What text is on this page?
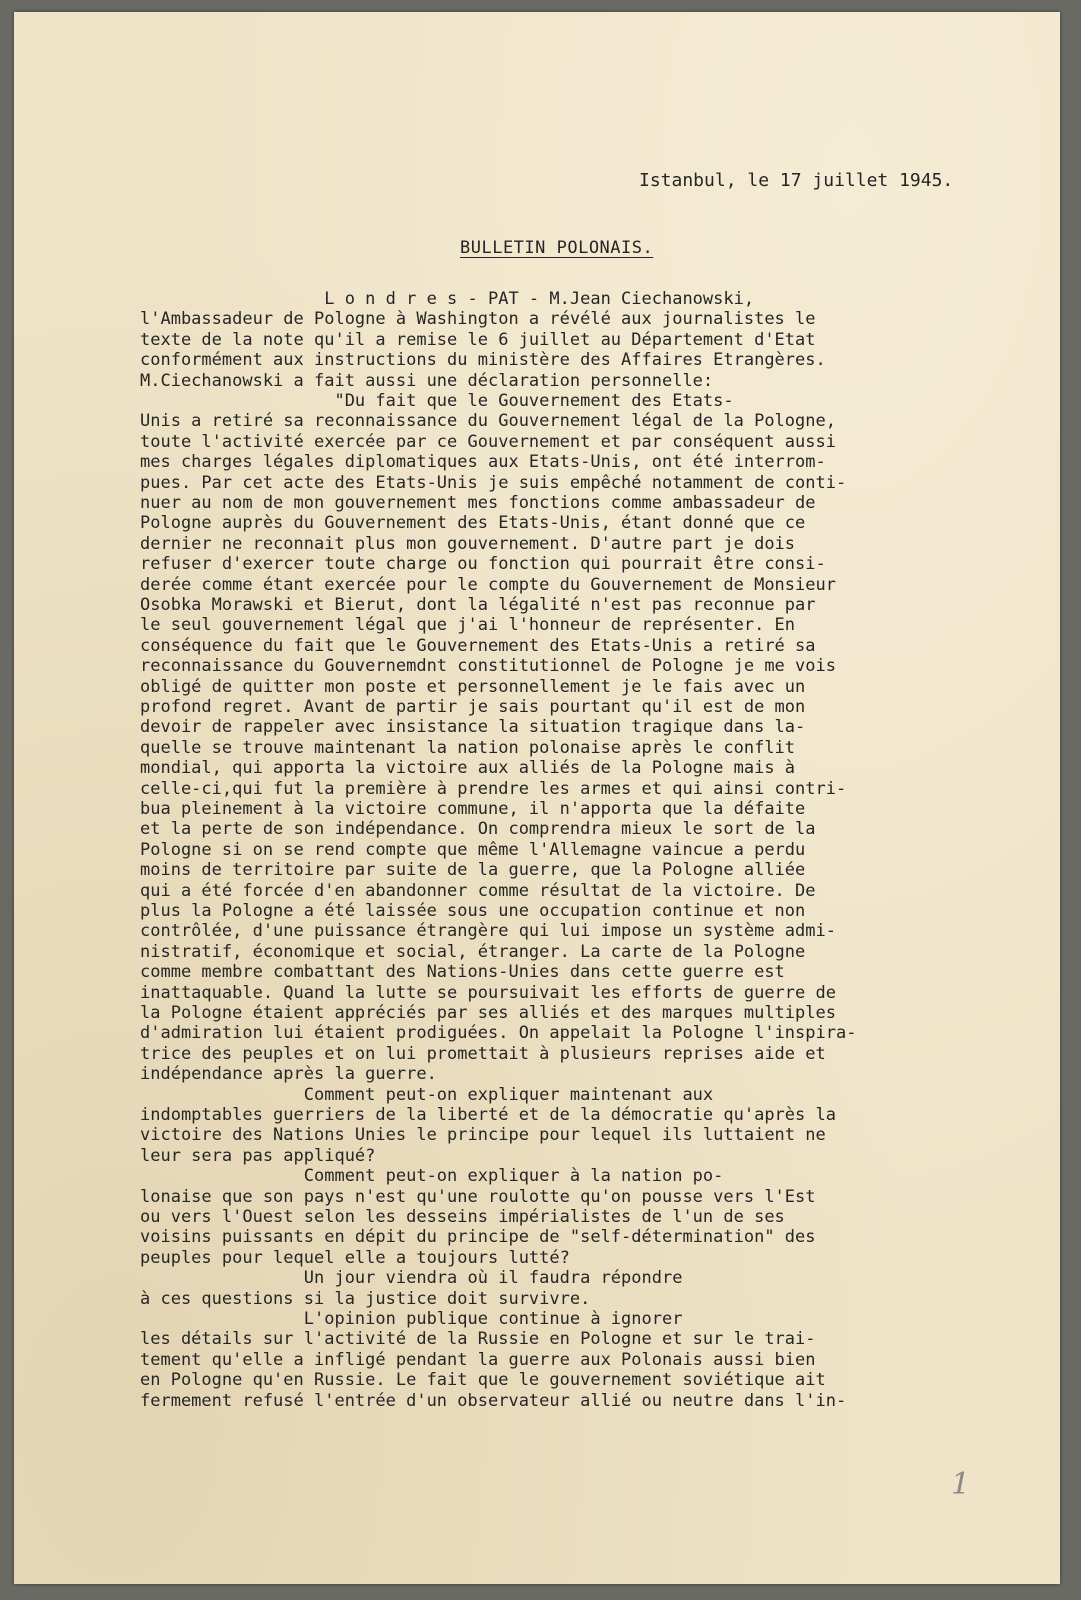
Istanbul, le 17 juillet 1945.
BULLETIN POLONAIS.
L o n d r e s - PAT - M.Jean Ciechanowski,
l'Ambassadeur de Pologne à Washington a révélé aux journalistes le
texte de la note qu'il a remise le 6 juillet au Département d'Etat
conformément aux instructions du ministère des Affaires Etrangères.
M.Ciechanowski a fait aussi une déclaration personnelle:
"Du fait que le Gouvernement des Etats-
Unis a retiré sa reconnaissance du Gouvernement légal de la Pologne,
toute l'activité exercée par ce Gouvernement et par conséquent aussi
mes charges légales diplomatiques aux Etats-Unis, ont été interrom-
pues. Par cet acte des Etats-Unis je suis empêché notamment de conti-
nuer au nom de mon gouvernement mes fonctions comme ambassadeur de
Pologne auprès du Gouvernement des Etats-Unis, étant donné que ce
dernier ne reconnait plus mon gouvernement. D'autre part je dois
refuser d'exercer toute charge ou fonction qui pourrait être consi-
derée comme étant exercée pour le compte du Gouvernement de Monsieur
Osobka Morawski et Bierut, dont la légalité n'est pas reconnue par
le seul gouvernement légal que j'ai l'honneur de représenter. En
conséquence du fait que le Gouvernement des Etats-Unis a retiré sa
reconnaissance du Gouvernemdnt constitutionnel de Pologne je me vois
obligé de quitter mon poste et personnellement je le fais avec un
profond regret. Avant de partir je sais pourtant qu'il est de mon
devoir de rappeler avec insistance la situation tragique dans la-
quelle se trouve maintenant la nation polonaise après le conflit
mondial, qui apporta la victoire aux alliés de la Pologne mais à
celle-ci,qui fut la première à prendre les armes et qui ainsi contri-
bua pleinement à la victoire commune, il n'apporta que la défaite
et la perte de son indépendance. On comprendra mieux le sort de la
Pologne si on se rend compte que même l'Allemagne vaincue a perdu
moins de territoire par suite de la guerre, que la Pologne alliée
qui a été forcée d'en abandonner comme résultat de la victoire. De
plus la Pologne a été laissée sous une occupation continue et non
contrôlée, d'une puissance étrangère qui lui impose un système admi-
nistratif, économique et social, étranger. La carte de la Pologne
comme membre combattant des Nations-Unies dans cette guerre est
inattaquable. Quand la lutte se poursuivait les efforts de guerre de
la Pologne étaient appréciés par ses alliés et des marques multiples
d'admiration lui étaient prodiguées. On appelait la Pologne l'inspira-
trice des peuples et on lui promettait à plusieurs reprises aide et
indépendance après la guerre.
Comment peut-on expliquer maintenant aux
indomptables guerriers de la liberté et de la démocratie qu'après la
victoire des Nations Unies le principe pour lequel ils luttaient ne
leur sera pas appliqué?
Comment peut-on expliquer à la nation po-
lonaise que son pays n'est qu'une roulotte qu'on pousse vers l'Est
ou vers l'Ouest selon les desseins impérialistes de l'un de ses
voisins puissants en dépit du principe de "self-détermination" des
peuples pour lequel elle a toujours lutté?
Un jour viendra où il faudra répondre
à ces questions si la justice doit survivre.
L'opinion publique continue à ignorer
les détails sur l'activité de la Russie en Pologne et sur le trai-
tement qu'elle a infligé pendant la guerre aux Polonais aussi bien
en Pologne qu'en Russie. Le fait que le gouvernement soviétique ait
fermement refusé l'entrée d'un observateur allié ou neutre dans l'in-
1
